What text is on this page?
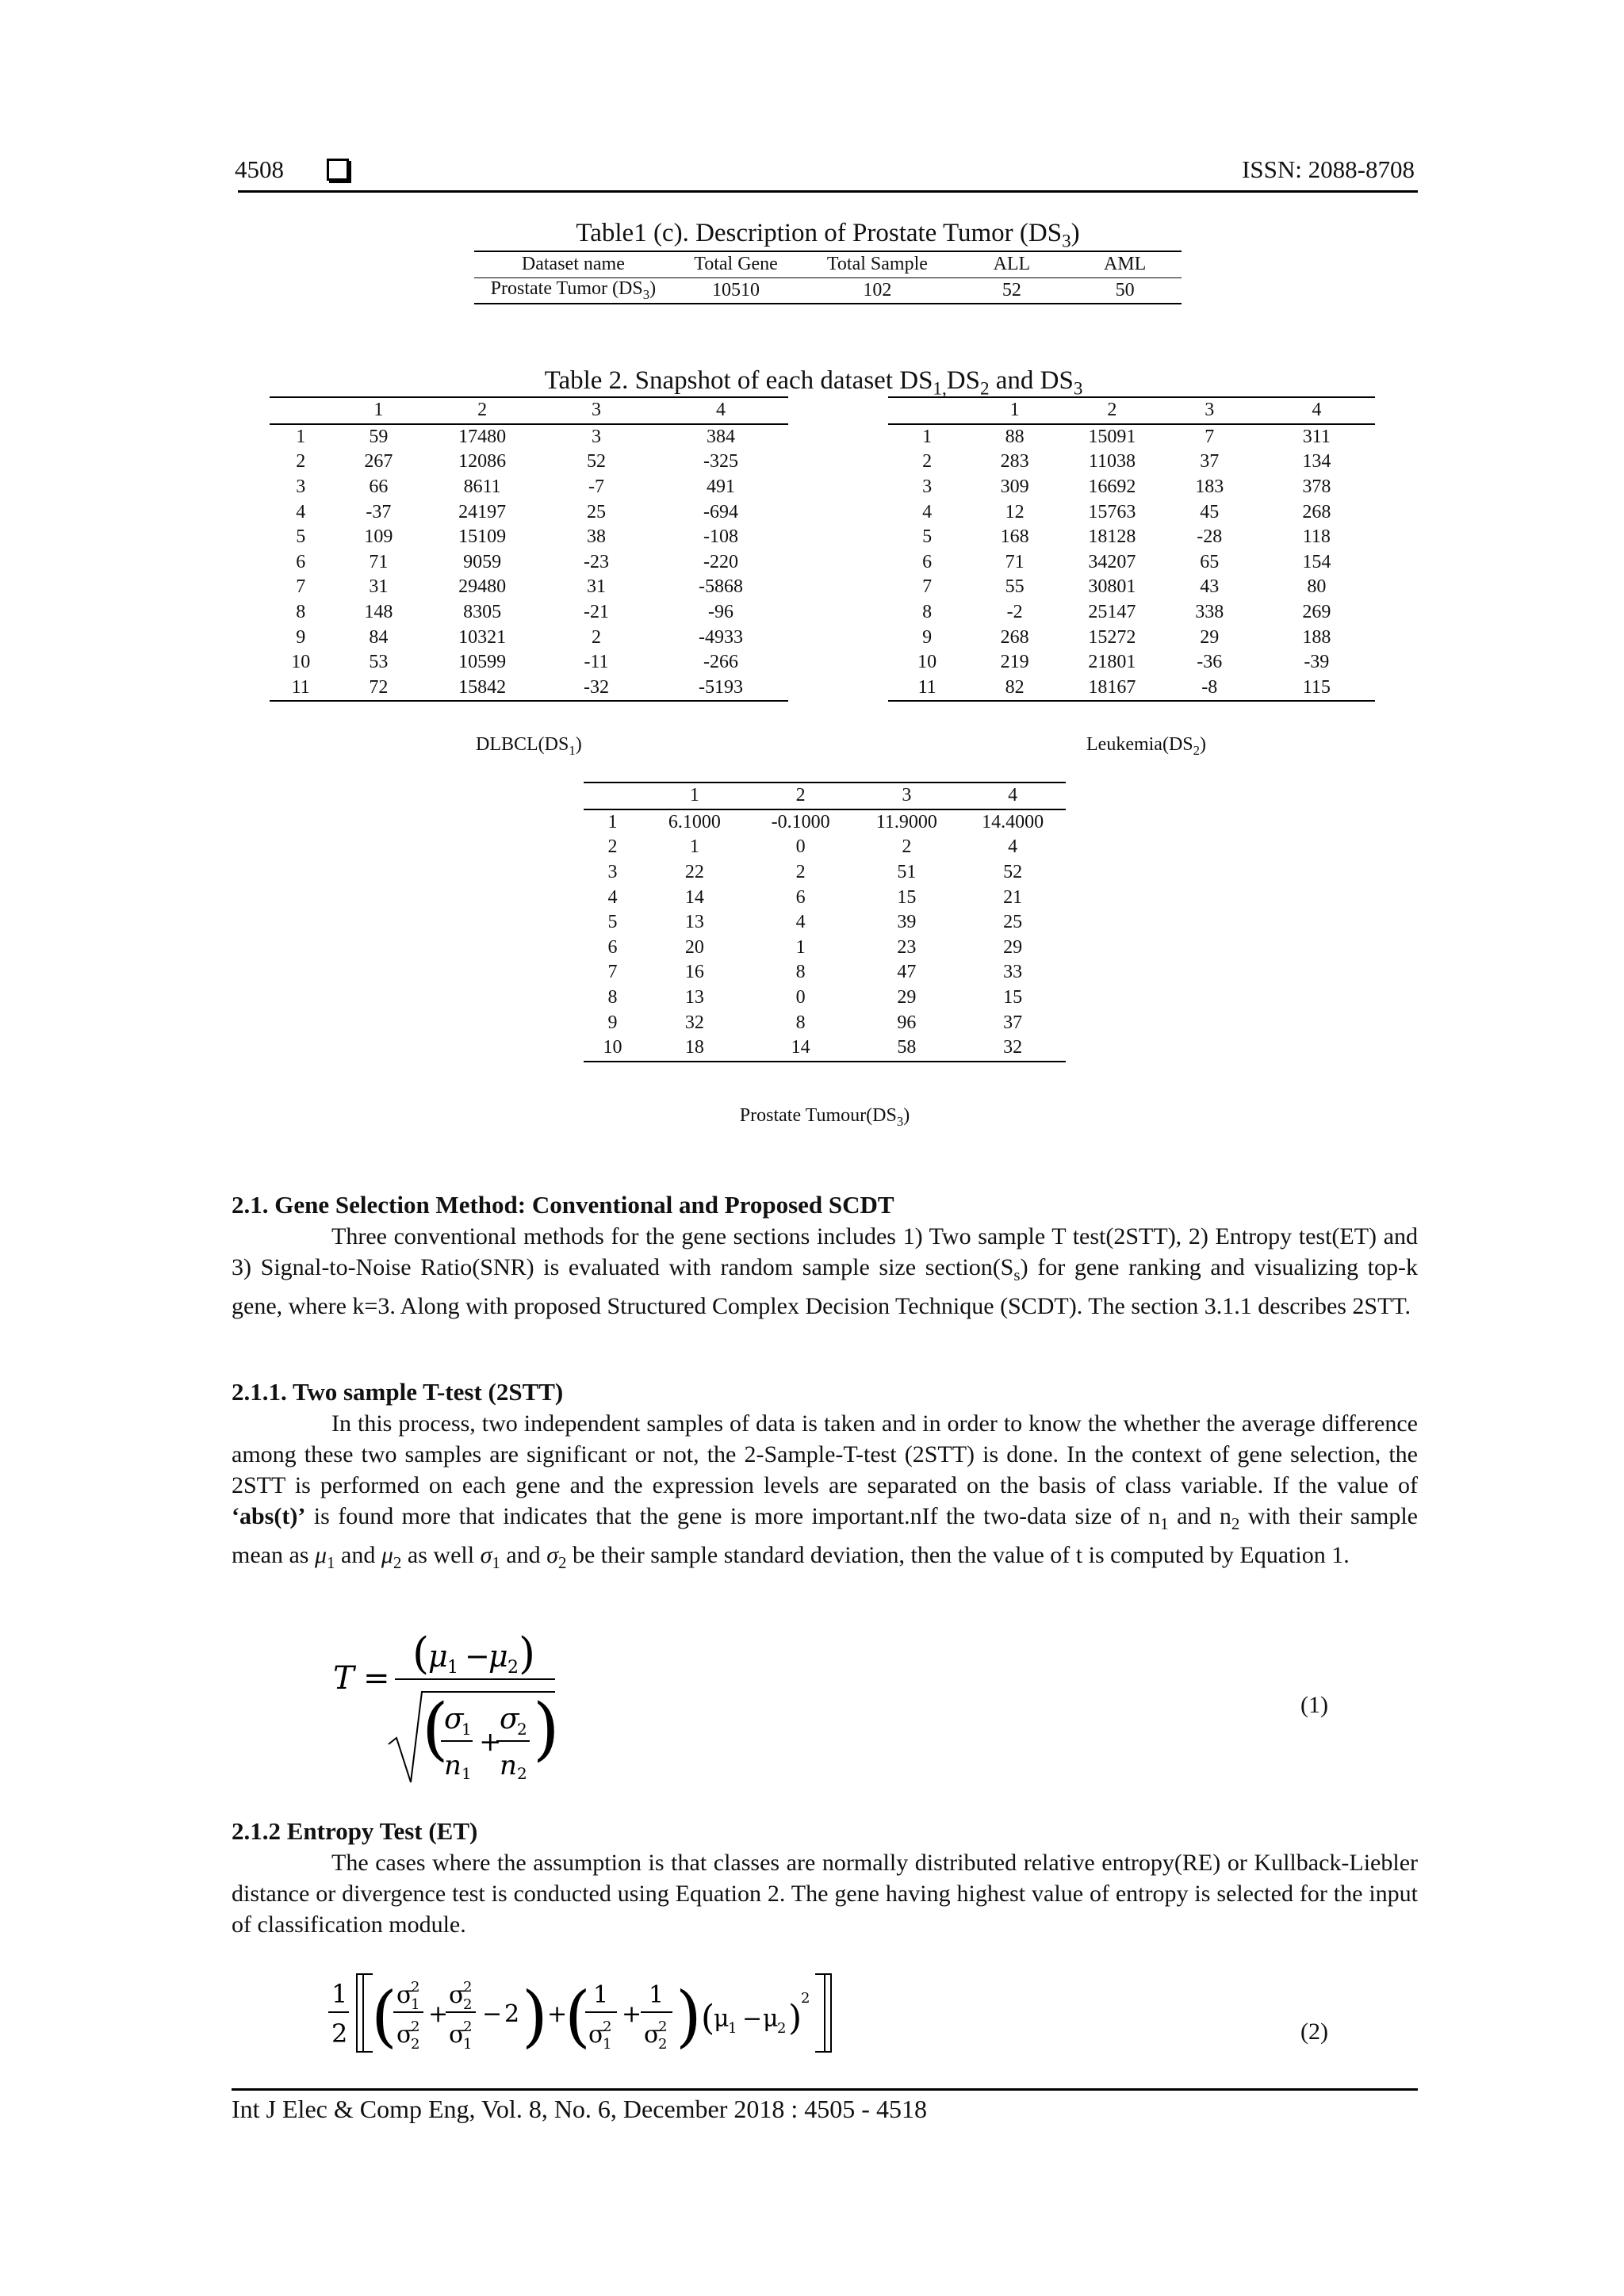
4508	ISSN: 2088-8708
Table1 (c). Description of Prostate Tumor $(DS_3)$
Dataset name	Total Gene	Total Sample	ALL	AML
Prostate Tumor $(DS_3)$	10510	102	52	50
Table 2. Snapshot of each dataset $DS_{1,}DS_2$ and $DS_3$
	1	2	3	4
1	59	17480	3	384
2	267	12086	52	-325
3	66	8611	-7	491
4	-37	24197	25	-694
5	109	15109	38	-108
6	71	9059	-23	-220
7	31	29480	31	-5868
8	148	8305	-21	-96
9	84	10321	2	-4933
10	53	10599	-11	-266
11	72	15842	-32	-5193
	1	2	3	4
1	88	15091	7	311
2	283	11038	37	134
3	309	16692	183	378
4	12	15763	45	268
5	168	18128	-28	118
6	71	34207	65	154
7	55	30801	43	80
8	-2	25147	338	269
9	268	15272	29	188
10	219	21801	-36	-39
11	82	18167	-8	115
$DLBCL(DS_1)$	$Leukemia(DS_2)$
	1	2	3	4
1	6.1000	-0.1000	11.9000	14.4000
2	1	0	2	4
3	22	2	51	52
4	14	6	15	21
5	13	4	39	25
6	20	1	23	29
7	16	8	47	33
8	13	0	29	15
9	32	8	96	37
10	18	14	58	32
Prostate $Tumour(DS_3)$
2.1. Gene Selection Method: Conventional and Proposed SCDT
Three conventional methods for the gene sections includes 1) Two sample T test(2STT), 2) Entropy test(ET) and 3) Signal-to-Noise Ratio(SNR) is evaluated with random sample size $section(S_s)$ for gene ranking and visualizing top-k gene, where k=3. Along with proposed Structured Complex Decision Technique (SCDT). The section 3.1.1 describes 2STT.
2.1.1. Two sample T-test (2STT)
In this process, two independent samples of data is taken and in order to know the whether the average difference among these two samples are significant or not, the 2-Sample-T-test (2STT) is done. In the context of gene selection, the 2STT is performed on each gene and the expression levels are separated on the basis of class variable. If the value of ‘abs(t)’ is found more that indicates that the gene is more important.nIf the two-data size of $n_1$ and $n_2$ with their sample mean as $\mu_1$ and $\mu_2$ as well $\sigma_1$ and $\sigma_2$ be their sample standard deviation, then the value of t is computed by Equation 1.
T = (
μ 1 −
μ 2 )
(
σ
1
n 1
+
σ
2
n 2
)	(1)
2.1.2 Entropy Test (ET)
The cases where the assumption is that classes are normally distributed relative entropy(RE) or Kullback-Liebler distance or divergence test is conducted using Equation 2. The gene having highest value of entropy is selected for the input of classification module.
1
2 ( σ
2
1
σ
2
2
+
σ
2
2
σ
2
1
− 2 ) +
( 1
σ
2
1
+
1
σ
2
2 ) (
μ
1 − μ
2 )
2
(2)
Int J Elec & Comp Eng, Vol. 8, No. 6, December 2018 : 4505 - 4518
